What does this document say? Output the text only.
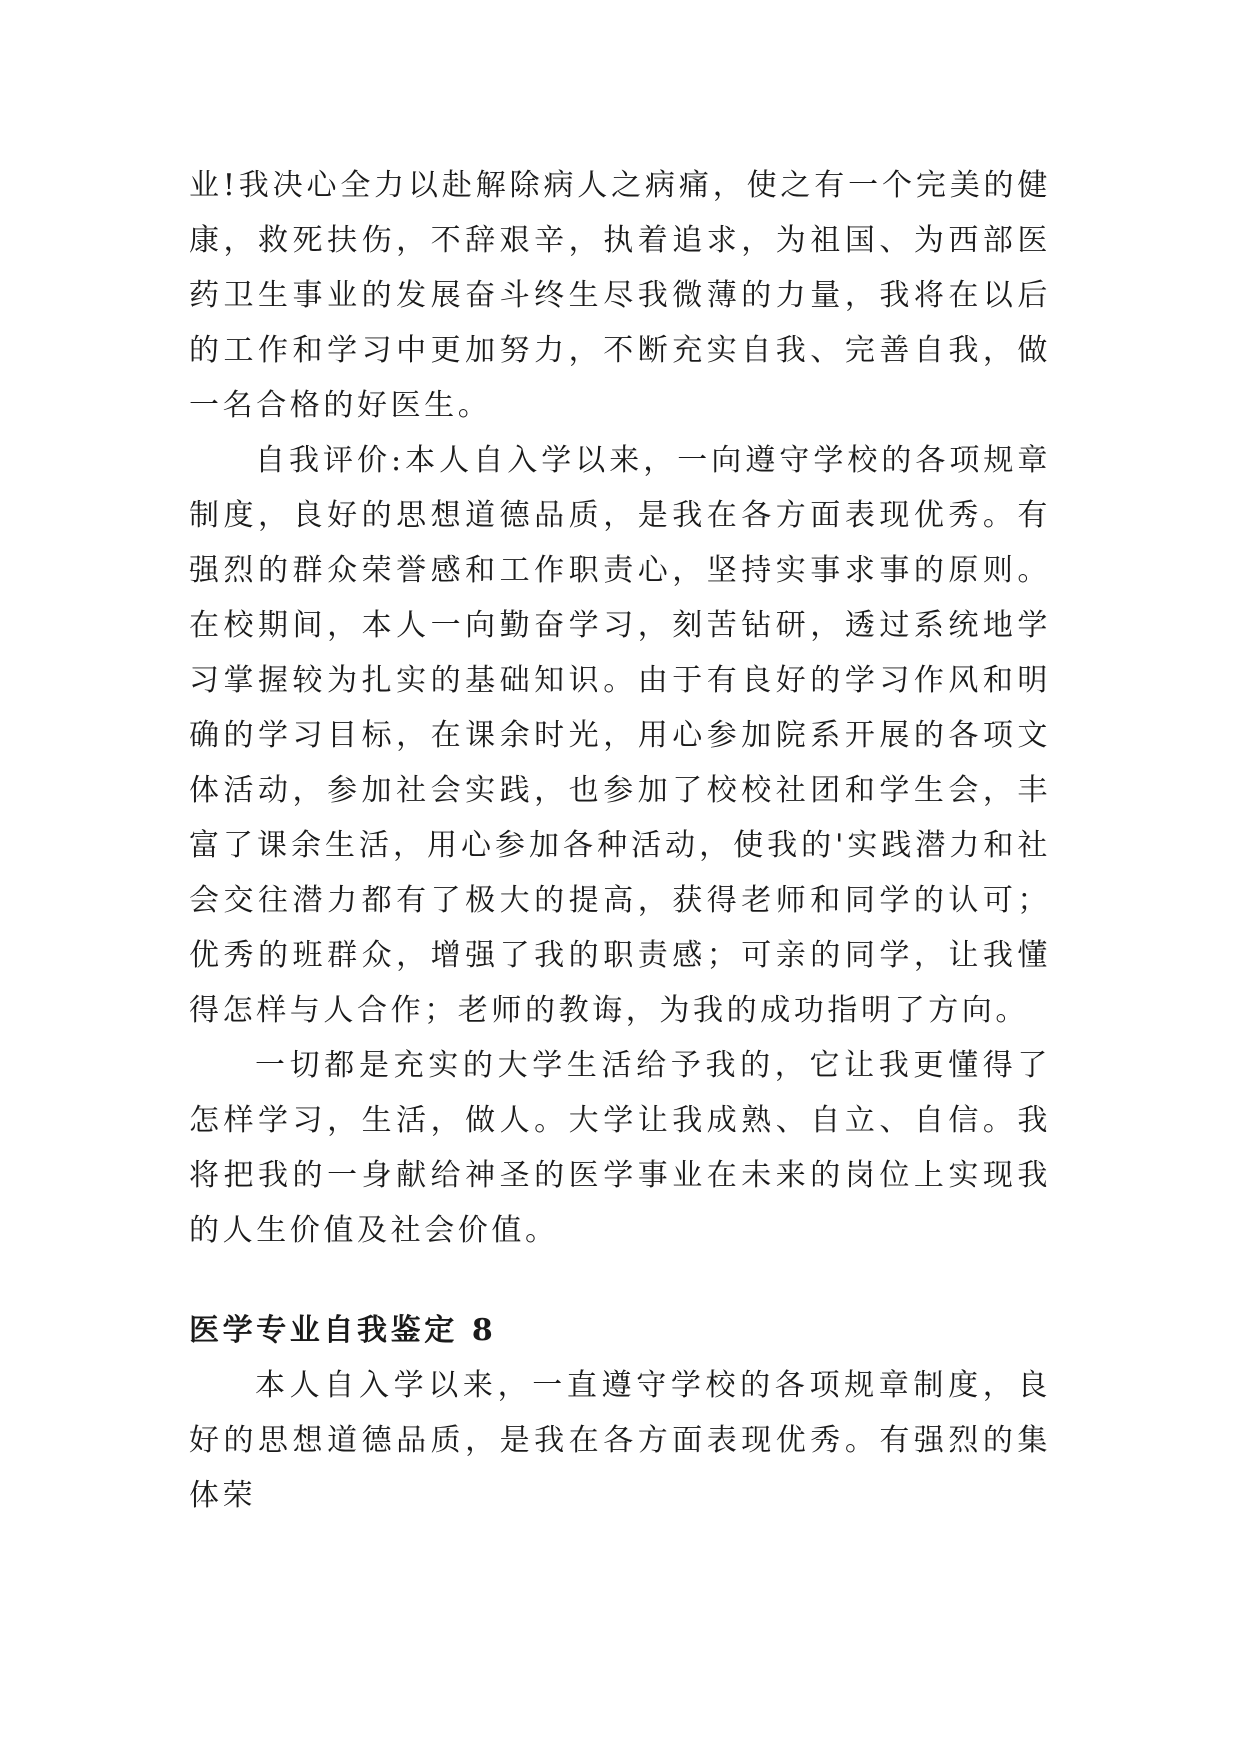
业!我决心全力以赴解除病人之病痛，使之有一个完美的健康，救死扶伤，不辞艰辛，执着追求，为祖国、为西部医药卫生事业的发展奋斗终生尽我微薄的力量，我将在以后的工作和学习中更加努力，不断充实自我、完善自我，做一名合格的好医生。

自我评价:本人自入学以来，一向遵守学校的各项规章制度，良好的思想道德品质，是我在各方面表现优秀。有强烈的群众荣誉感和工作职责心，坚持实事求事的原则。在校期间，本人一向勤奋学习，刻苦钻研，透过系统地学习掌握较为扎实的基础知识。由于有良好的学习作风和明确的学习目标，在课余时光，用心参加院系开展的各项文体活动，参加社会实践，也参加了校校社团和学生会，丰富了课余生活，用心参加各种活动，使我的'实践潜力和社会交往潜力都有了极大的提高，获得老师和同学的认可；优秀的班群众，增强了我的职责感；可亲的同学，让我懂得怎样与人合作；老师的教诲，为我的成功指明了方向。

一切都是充实的大学生活给予我的，它让我更懂得了怎样学习，生活，做人。大学让我成熟、自立、自信。我将把我的一身献给神圣的医学事业在未来的岗位上实现我的人生价值及社会价值。

医学专业自我鉴定 8

本人自入学以来，一直遵守学校的各项规章制度，良好的思想道德品质，是我在各方面表现优秀。有强烈的集体荣
